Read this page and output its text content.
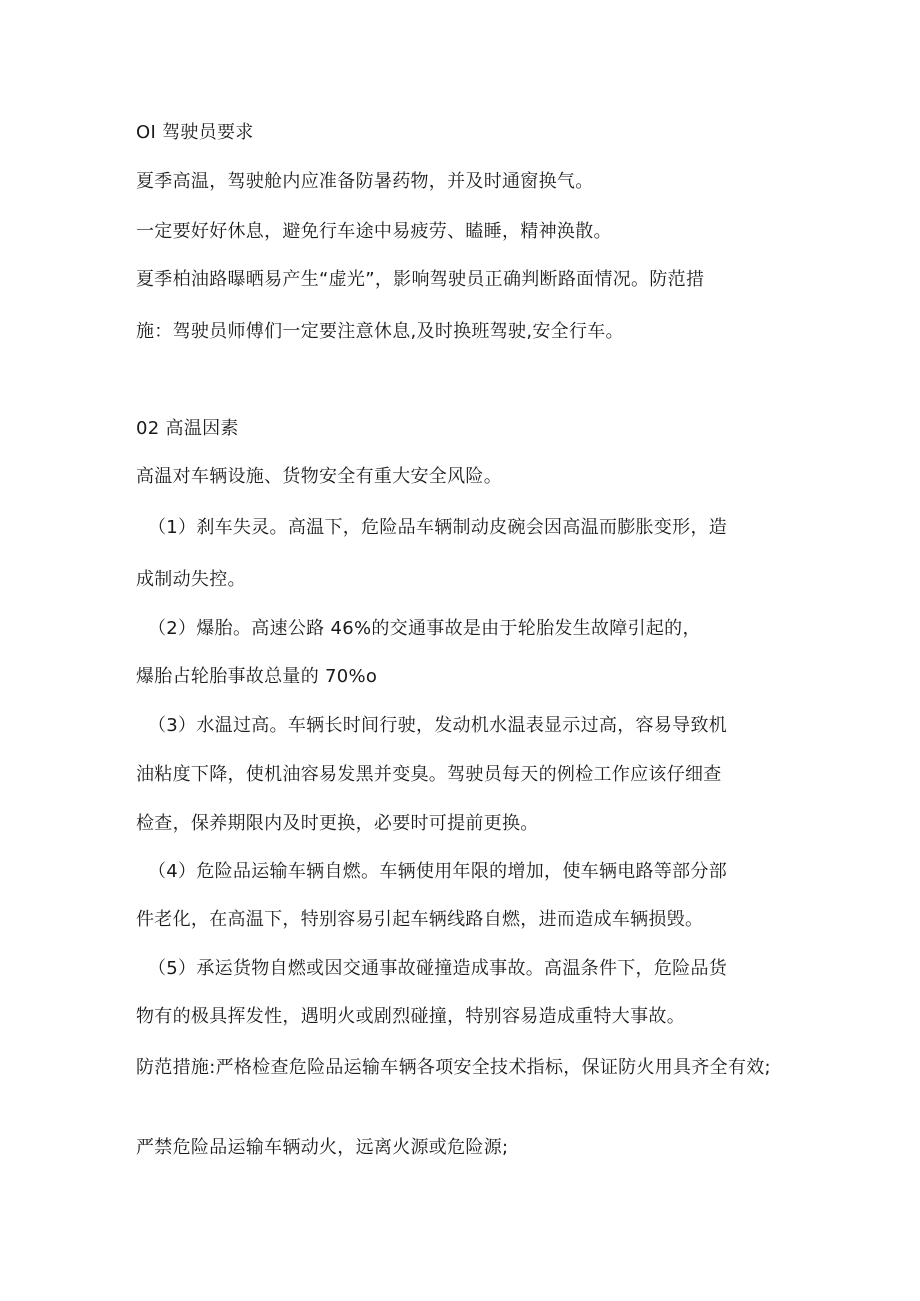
OI 驾驶员要求
夏季高温，驾驶舱内应准备防暑药物，并及时通窗换气。
一定要好好休息，避免行车途中易疲劳、瞌睡，精神涣散。
夏季柏油路曝晒易产生“虚光”，影响驾驶员正确判断路面情况。防范措
施：驾驶员师傅们一定要注意休息,及时换班驾驶,安全行车。
02 高温因素
高温对车辆设施、货物安全有重大安全风险。
（1）刹车失灵。高温下，危险品车辆制动皮碗会因高温而膨胀变形，造
成制动失控。
（2）爆胎。高速公路 46%的交通事故是由于轮胎发生故障引起的，
爆胎占轮胎事故总量的 70%o
（3）水温过高。车辆长时间行驶，发动机水温表显示过高，容易导致机
油粘度下降，使机油容易发黑并变臭。驾驶员每天的例检工作应该仔细查
检查，保养期限内及时更换，必要时可提前更换。
（4）危险品运输车辆自燃。车辆使用年限的增加，使车辆电路等部分部
件老化，在高温下，特别容易引起车辆线路自燃，进而造成车辆损毁。
（5）承运货物自燃或因交通事故碰撞造成事故。高温条件下，危险品货
物有的极具挥发性，遇明火或剧烈碰撞，特别容易造成重特大事故。
防范措施:严格检查危险品运输车辆各项安全技术指标，保证防火用具齐全有效;
严禁危险品运输车辆动火，远离火源或危险源;
